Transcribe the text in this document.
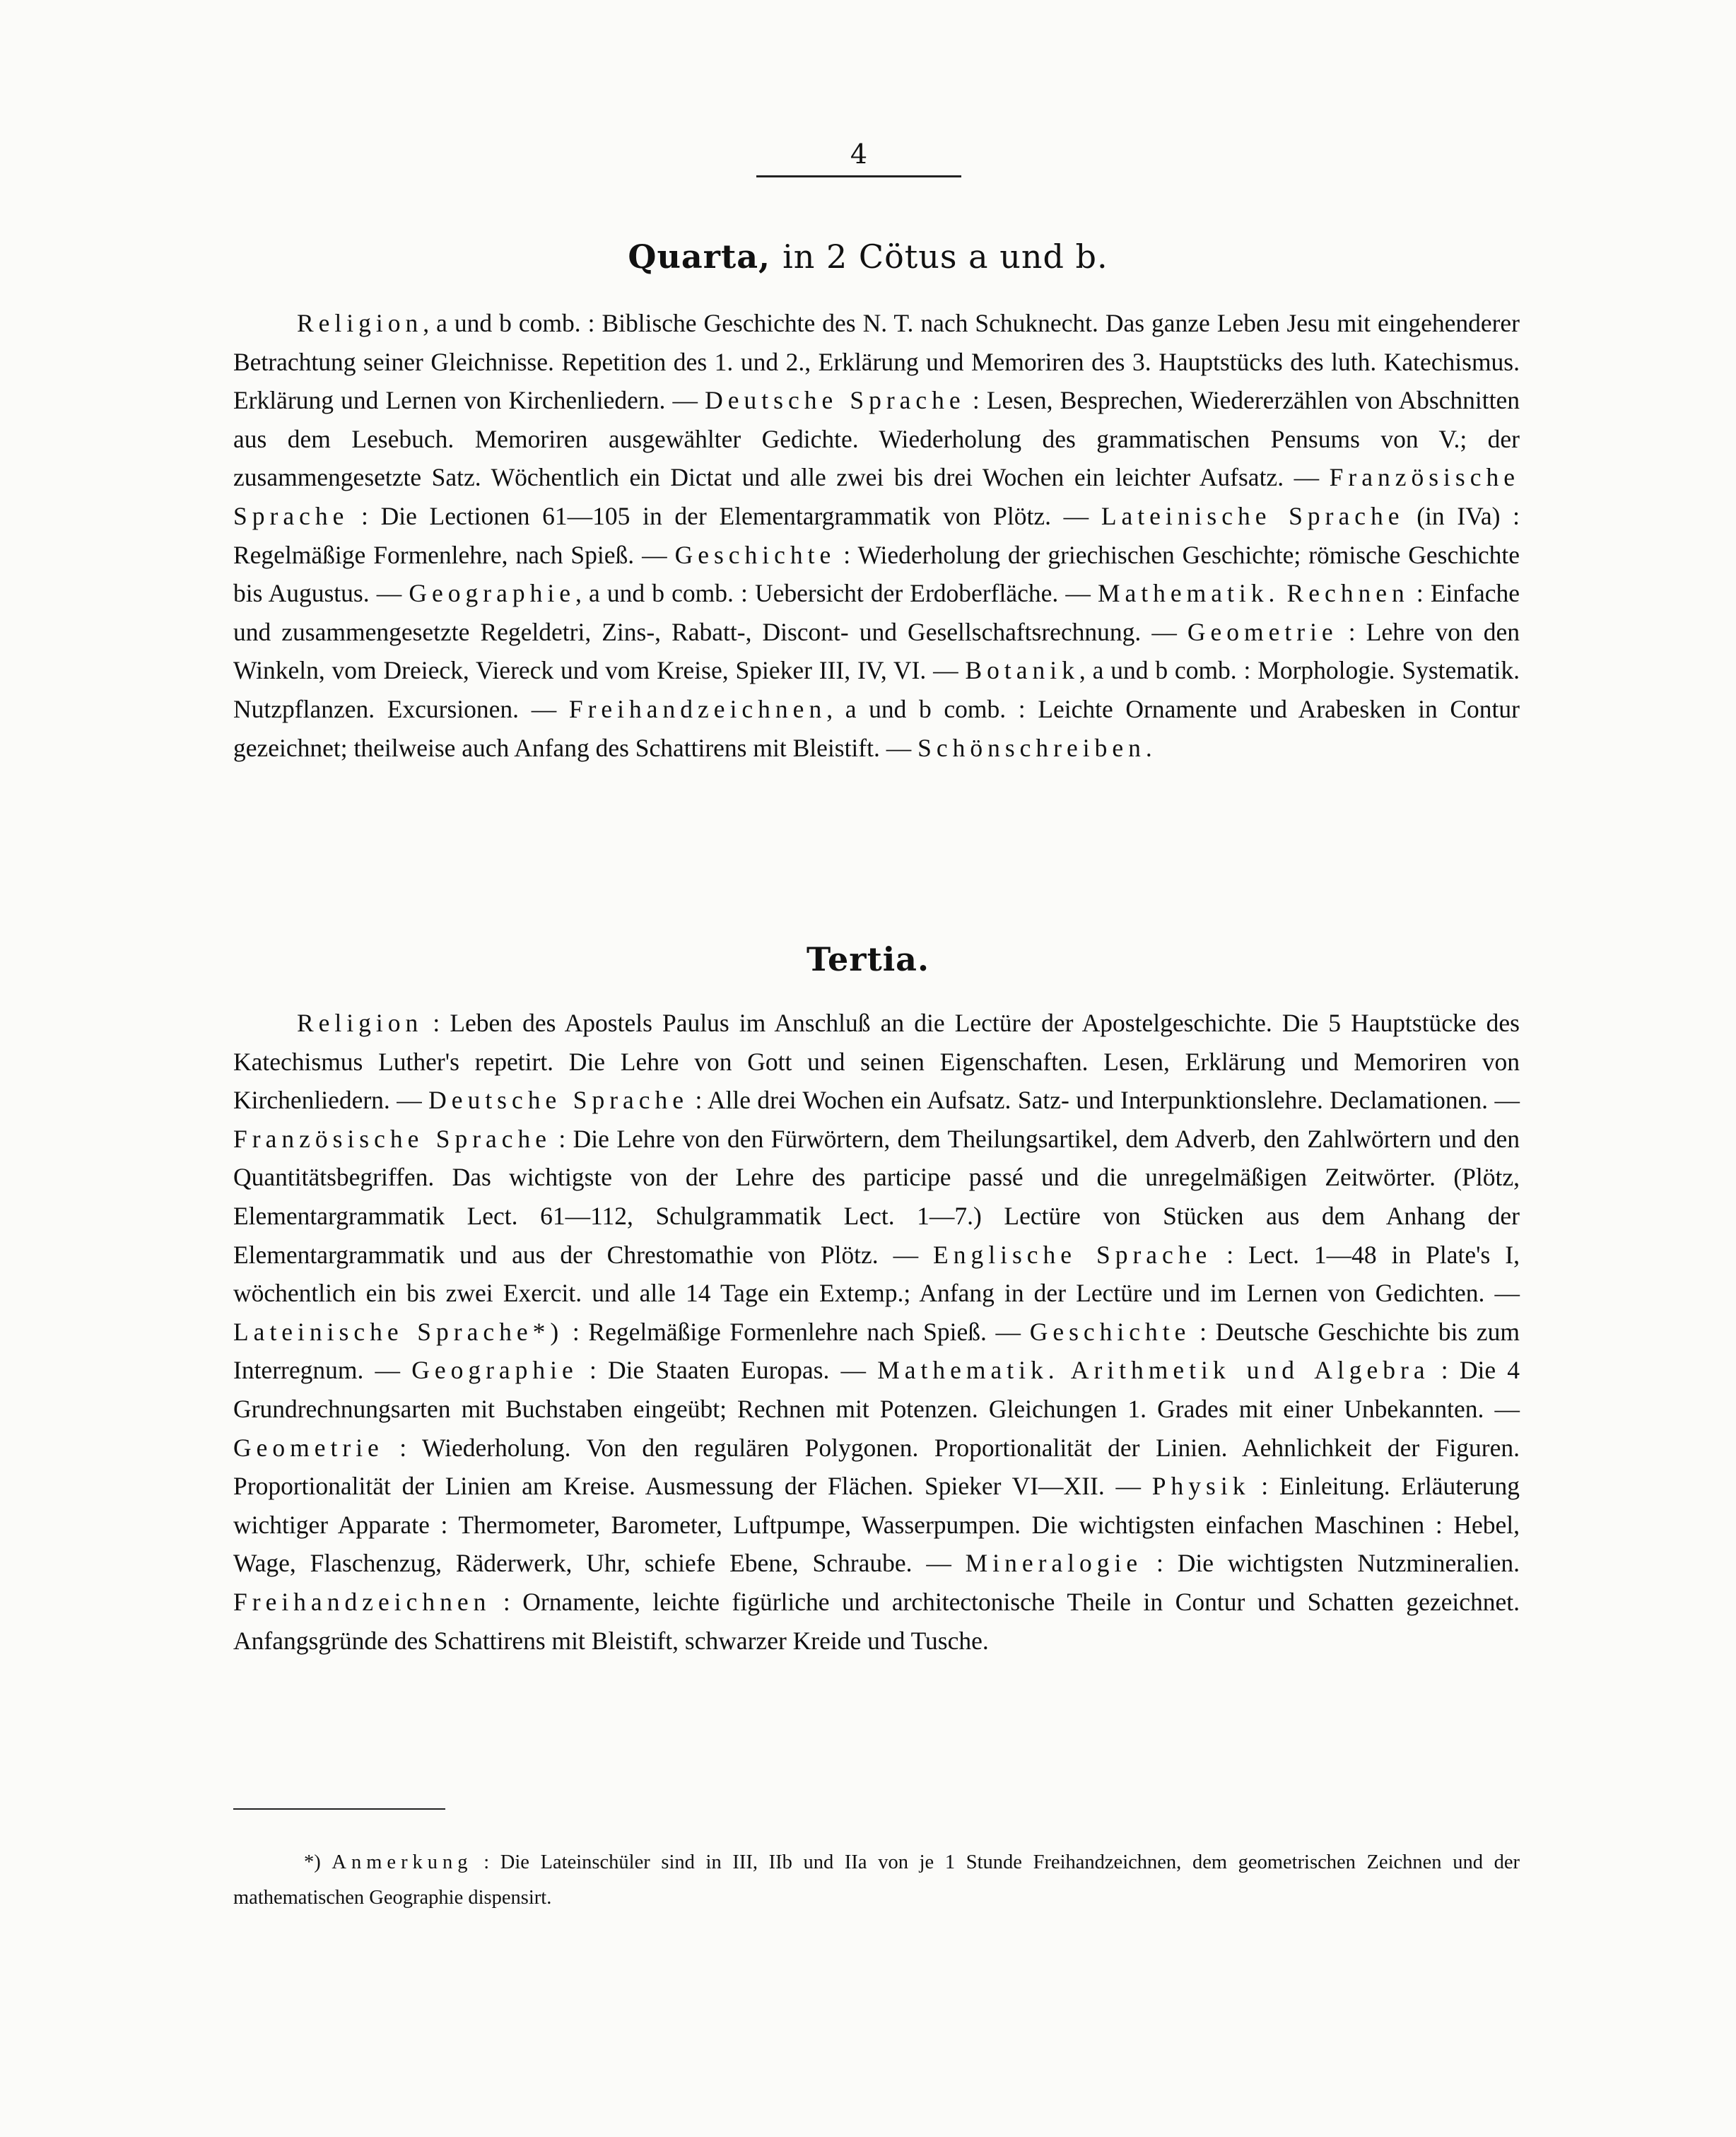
4
Quarta, in 2 Cötus a und b.

Religion, a und b comb. : Biblische Geschichte des N. T. nach Schuknecht. Das ganze Leben Jesu mit eingehenderer Betrachtung seiner Gleichnisse. Repetition des 1. und 2., Erklärung und Memoriren des 3. Hauptstücks des luth. Katechismus. Erklärung und Lernen von Kirchenliedern. — Deutsche Sprache : Lesen, Besprechen, Wiedererzählen von Abschnitten aus dem Lesebuch. Memoriren ausgewählter Gedichte. Wiederholung des grammatischen Pensums von V.; der zusammengesetzte Satz. Wöchentlich ein Dictat und alle zwei bis drei Wochen ein leichter Aufsatz. — Französische Sprache : Die Lectionen 61—105 in der Elementargrammatik von Plötz. — Lateinische Sprache (in IVa) : Regelmäßige Formenlehre, nach Spieß. — Geschichte : Wiederholung der griechischen Geschichte; römische Geschichte bis Augustus. — Geographie, a und b comb. : Uebersicht der Erdoberfläche. — Mathematik. Rechnen : Einfache und zusammengesetzte Regeldetri, Zins-, Rabatt-, Discont- und Gesellschaftsrechnung. — Geometrie : Lehre von den Winkeln, vom Dreieck, Viereck und vom Kreise, Spieker III, IV, VI. — Botanik, a und b comb. : Morphologie. Systematik. Nutzpflanzen. Excursionen. — Freihandzeichnen, a und b comb. : Leichte Ornamente und Arabesken in Contur gezeichnet; theilweise auch Anfang des Schattirens mit Bleistift. — Schönschreiben.

Tertia.

Religion : Leben des Apostels Paulus im Anschluß an die Lectüre der Apostelgeschichte. Die 5 Hauptstücke des Katechismus Luther's repetirt. Die Lehre von Gott und seinen Eigenschaften. Lesen, Erklärung und Memoriren von Kirchenliedern. — Deutsche Sprache : Alle drei Wochen ein Aufsatz. Satz- und Interpunktionslehre. Declamationen. — Französische Sprache : Die Lehre von den Fürwörtern, dem Theilungsartikel, dem Adverb, den Zahlwörtern und den Quantitätsbegriffen. Das wichtigste von der Lehre des participe passé und die unregelmäßigen Zeitwörter. (Plötz, Elementargrammatik Lect. 61—112, Schulgrammatik Lect. 1—7.) Lectüre von Stücken aus dem Anhang der Elementargrammatik und aus der Chrestomathie von Plötz. — Englische Sprache : Lect. 1—48 in Plate's I, wöchentlich ein bis zwei Exercit. und alle 14 Tage ein Extemp.; Anfang in der Lectüre und im Lernen von Gedichten. — Lateinische Sprache*) : Regelmäßige Formenlehre nach Spieß. — Geschichte : Deutsche Geschichte bis zum Interregnum. — Geographie : Die Staaten Europas. — Mathematik. Arithmetik und Algebra : Die 4 Grundrechnungsarten mit Buchstaben eingeübt; Rechnen mit Potenzen. Gleichungen 1. Grades mit einer Unbekannten. — Geometrie : Wiederholung. Von den regulären Polygonen. Proportionalität der Linien. Aehnlichkeit der Figuren. Proportionalität der Linien am Kreise. Ausmessung der Flächen. Spieker VI—XII. — Physik : Einleitung. Erläuterung wichtiger Apparate : Thermometer, Barometer, Luftpumpe, Wasserpumpen. Die wichtigsten einfachen Maschinen : Hebel, Wage, Flaschenzug, Räderwerk, Uhr, schiefe Ebene, Schraube. — Mineralogie : Die wichtigsten Nutzmineralien. Freihandzeichnen : Ornamente, leichte figürliche und architectonische Theile in Contur und Schatten gezeichnet. Anfangsgründe des Schattirens mit Bleistift, schwarzer Kreide und Tusche.

*) Anmerkung : Die Lateinschüler sind in III, IIb und IIa von je 1 Stunde Freihandzeichnen, dem geometrischen Zeichnen und der mathematischen Geographie dispensirt.
